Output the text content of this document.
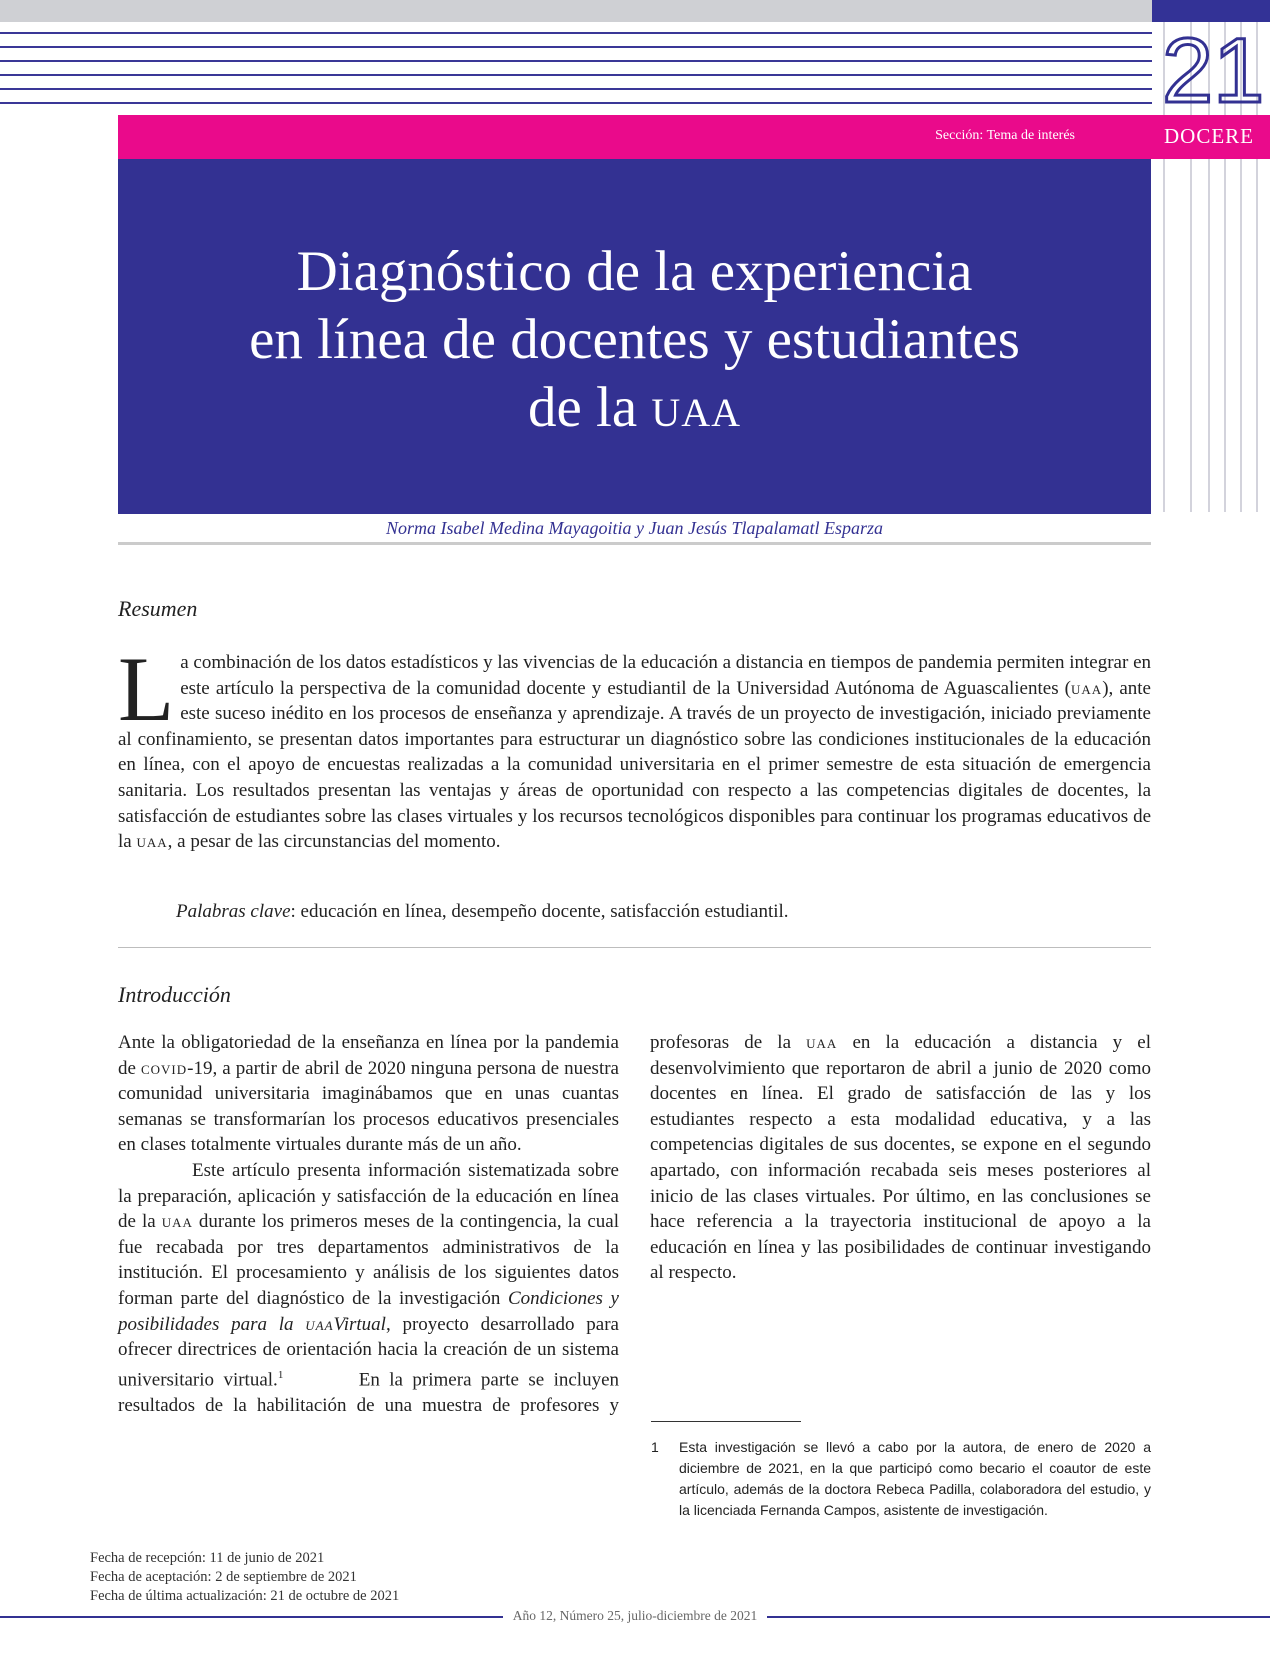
21
Sección: Tema de interés	DOCERE
Diagnóstico de la experiencia
en línea de docentes y estudiantes
de la uaa
Norma Isabel Medina Mayagoitia y Juan Jesús Tlapalamatl Esparza
Resumen
La combinación de los datos estadísticos y las vivencias de la educación a distancia en tiempos de pandemia permiten integrar en este artículo la perspectiva de la comunidad docente y estudiantil de la Universidad Autónoma de Aguascalientes (uaa), ante este suceso inédito en los procesos de enseñanza y aprendizaje. A través de un proyecto de investigación, iniciado previamente al confinamiento, se presentan datos importantes para estructurar un diagnóstico sobre las condiciones institucionales de la educación en línea, con el apoyo de encuestas realizadas a la comunidad universitaria en el primer semestre de esta situación de emergencia sanitaria. Los resultados presentan las ventajas y áreas de oportunidad con respecto a las competencias digitales de docentes, la satisfacción de estudiantes sobre las clases virtuales y los recursos tecnológicos disponibles para continuar los programas educativos de la uaa, a pesar de las circunstancias del momento.
Palabras clave: educación en línea, desempeño docente, satisfacción estudiantil.
Introducción

Ante la obligatoriedad de la enseñanza en línea por la pandemia de covid-19, a partir de abril de 2020 ninguna persona de nuestra comunidad universitaria imaginábamos que en unas cuantas semanas se transformarían los procesos educativos presenciales en clases totalmente virtuales durante más de un año.

Este artículo presenta información sistematizada sobre la preparación, aplicación y satisfacción de la educación en línea de la uaa durante los primeros meses de la contingencia, la cual fue recabada por tres departamentos administrativos de la institución. El procesamiento y análisis de los siguientes datos forman parte del diagnóstico de la investigación Condiciones y posibilidades para la uaaVirtual, proyecto desarrollado para ofrecer directrices de orientación hacia la creación de un sistema universitario virtual.$^1$	En la primera parte se incluyen resultados de la habilitación de una muestra de profesores y profesoras de la uaa en la educación a distancia y el desenvolvimiento que reportaron de abril a junio de 2020 como docentes en línea. El grado de satisfacción de las y los estudiantes respecto a esta modalidad educativa, y a las competencias digitales de sus docentes, se expone en el segundo apartado, con información recabada seis meses posteriores al inicio de las clases virtuales. Por último, en las conclusiones se hace referencia a la trayectoria institucional de apoyo a la educación en línea y las posibilidades de continuar investigando al respecto.

1 Esta investigación se llevó a cabo por la autora, de enero de 2020 a diciembre de 2021, en la que participó como becario el coautor de este artículo, además de la doctora Rebeca Padilla, colaboradora del estudio, y la licenciada Fernanda Campos, asistente de investigación.
Fecha de recepción: 11 de junio de 2021
Fecha de aceptación: 2 de septiembre de 2021
Fecha de última actualización: 21 de octubre de 2021
Año 12, Número 25, julio-diciembre de 2021
